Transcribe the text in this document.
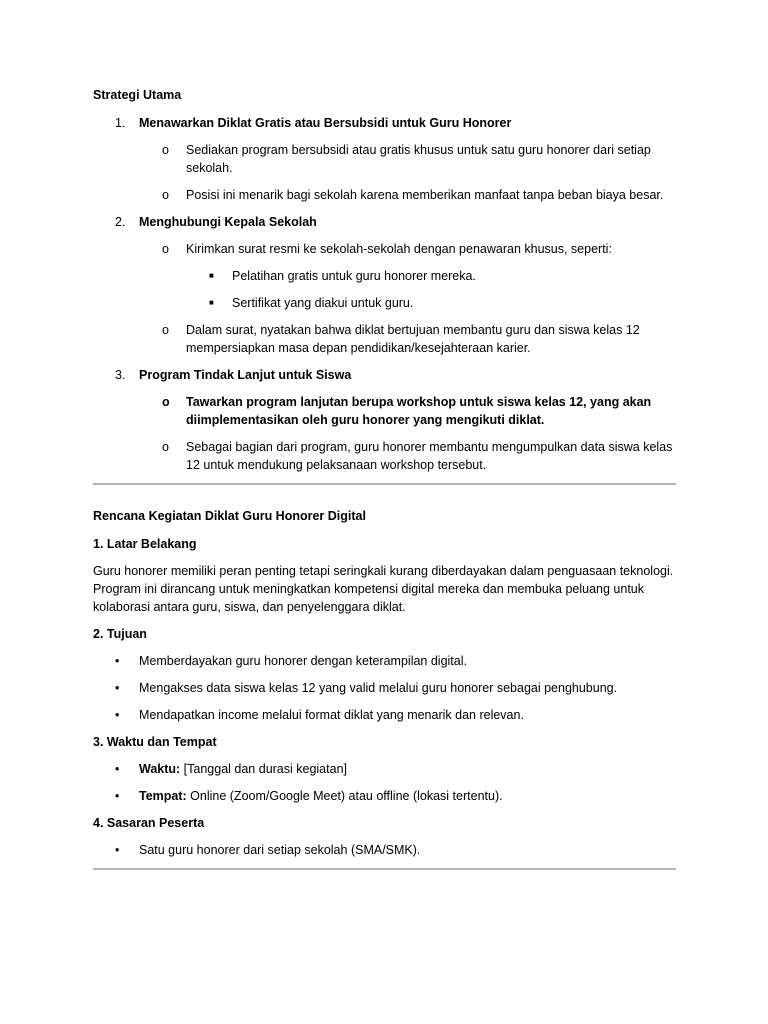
Strategi Utama
1. Menawarkan Diklat Gratis atau Bersubsidi untuk Guru Honorer
o Sediakan program bersubsidi atau gratis khusus untuk satu guru honorer dari setiap sekolah.
o Posisi ini menarik bagi sekolah karena memberikan manfaat tanpa beban biaya besar.
2. Menghubungi Kepala Sekolah
o Kirimkan surat resmi ke sekolah-sekolah dengan penawaran khusus, seperti:
■ Pelatihan gratis untuk guru honorer mereka.
■ Sertifikat yang diakui untuk guru.
o Dalam surat, nyatakan bahwa diklat bertujuan membantu guru dan siswa kelas 12 mempersiapkan masa depan pendidikan/kesejahteraan karier.
3. Program Tindak Lanjut untuk Siswa
o Tawarkan program lanjutan berupa workshop untuk siswa kelas 12, yang akan diimplementasikan oleh guru honorer yang mengikuti diklat.
o Sebagai bagian dari program, guru honorer membantu mengumpulkan data siswa kelas 12 untuk mendukung pelaksanaan workshop tersebut.
Rencana Kegiatan Diklat Guru Honorer Digital
1. Latar Belakang
Guru honorer memiliki peran penting tetapi seringkali kurang diberdayakan dalam penguasaan teknologi. Program ini dirancang untuk meningkatkan kompetensi digital mereka dan membuka peluang untuk kolaborasi antara guru, siswa, dan penyelenggara diklat.
2. Tujuan
• Memberdayakan guru honorer dengan keterampilan digital.
• Mengakses data siswa kelas 12 yang valid melalui guru honorer sebagai penghubung.
• Mendapatkan income melalui format diklat yang menarik dan relevan.
3. Waktu dan Tempat
• Waktu: [Tanggal dan durasi kegiatan]
• Tempat: Online (Zoom/Google Meet) atau offline (lokasi tertentu).
4. Sasaran Peserta
• Satu guru honorer dari setiap sekolah (SMA/SMK).
